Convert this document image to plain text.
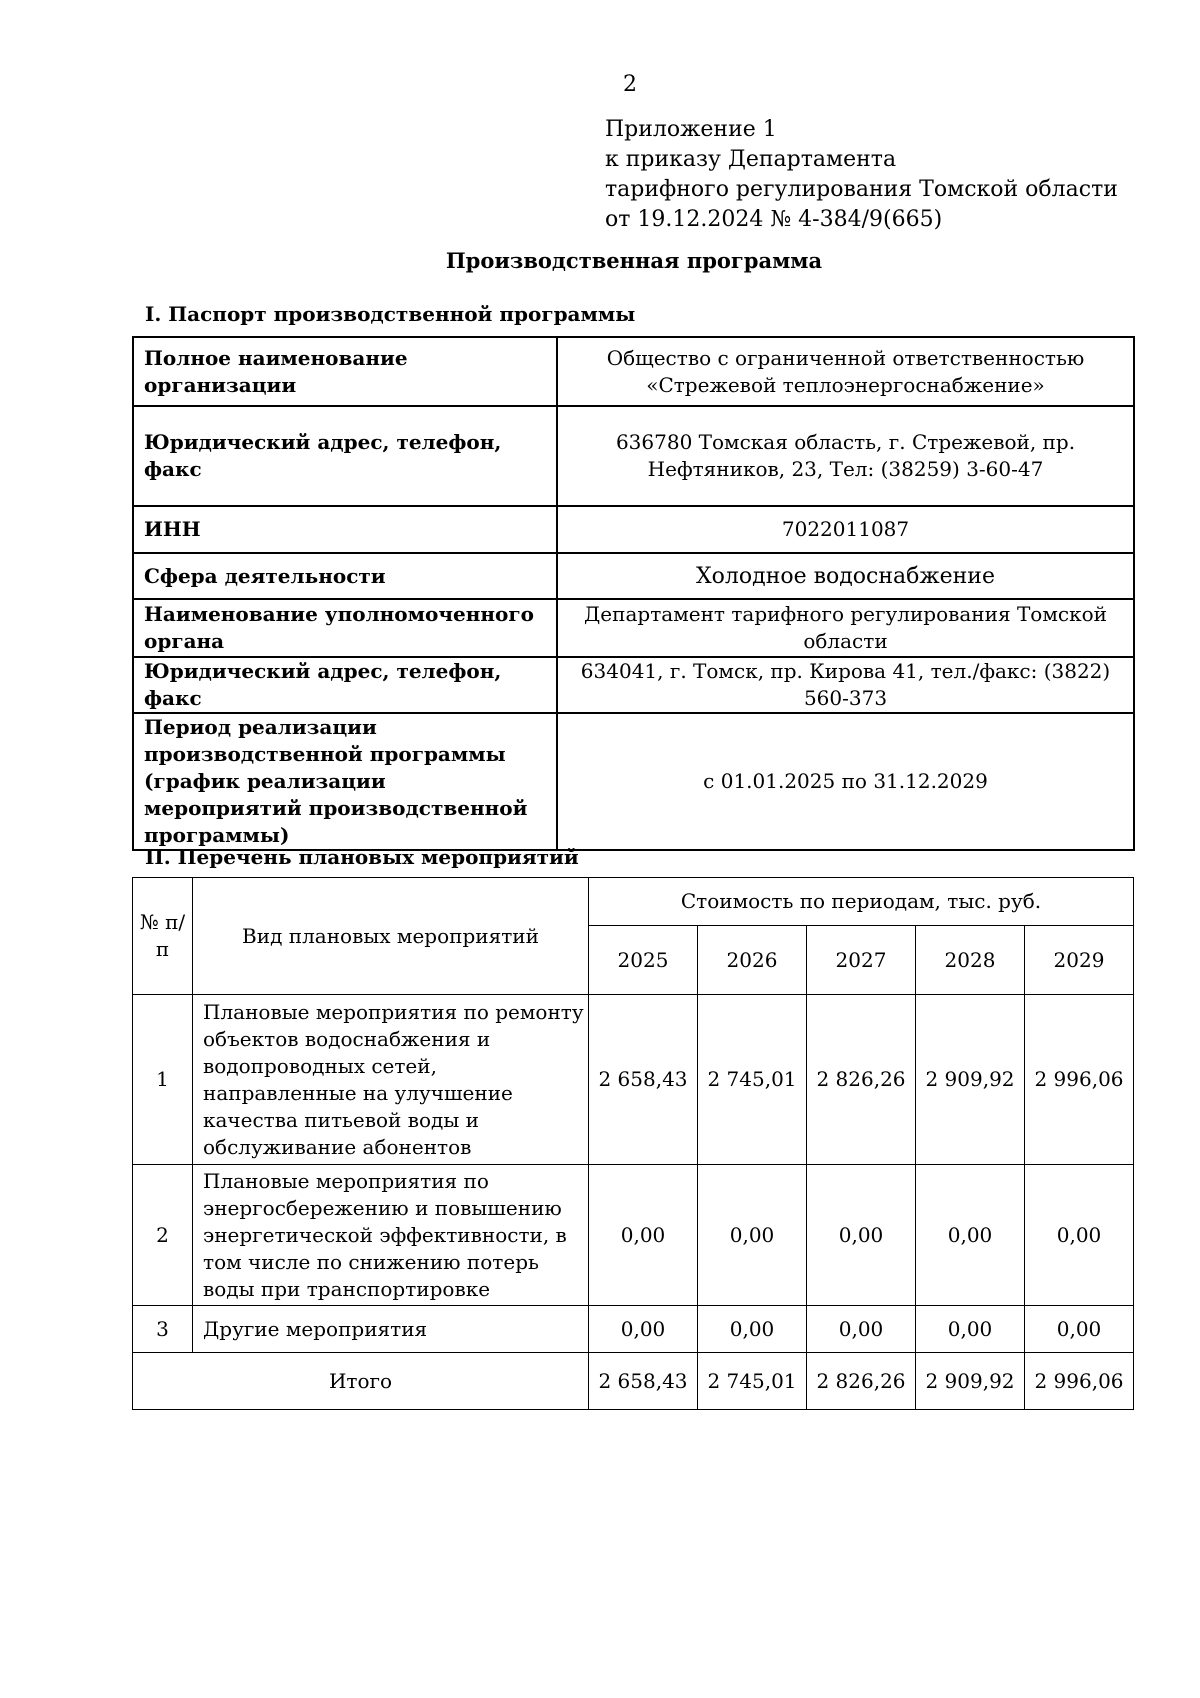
2
Приложение 1
к приказу Департамента
тарифного регулирования Томской области
от 19.12.2024 № 4-384/9(665)
Производственная программа
I. Паспорт производственной программы
Полное наименование организации	Общество с ограниченной ответственностью «Стрежевой теплоэнергоснабжение»
Юридический адрес, телефон, факс	636780 Томская область, г. Стрежевой, пр. Нефтяников, 23, Тел: (38259) 3-60-47
ИНН	7022011087
Сфера деятельности	Холодное водоснабжение
Наименование уполномоченного органа	Департамент тарифного регулирования Томской области
Юридический адрес, телефон, факс	634041, г. Томск, пр. Кирова 41, тел./факс: (3822) 560-373
Период реализации производственной программы (график реализации мероприятий производственной программы)	с 01.01.2025 по 31.12.2029
II. Перечень плановых мероприятий
№ п/п	Вид плановых мероприятий	Стоимость по периодам, тыс. руб.				
		2025	2026	2027	2028	2029
1	Плановые мероприятия по ремонту объектов водоснабжения и водопроводных сетей, направленные на улучшение качества питьевой воды и обслуживание абонентов	2 658,43	2 745,01	2 826,26	2 909,92	2 996,06
2	Плановые мероприятия по энергосбережению и повышению энергетической эффективности, в том числе по снижению потерь воды при транспортировке	0,00	0,00	0,00	0,00	0,00
3	Другие мероприятия	0,00	0,00	0,00	0,00	0,00
Итого		2 658,43	2 745,01	2 826,26	2 909,92	2 996,06
